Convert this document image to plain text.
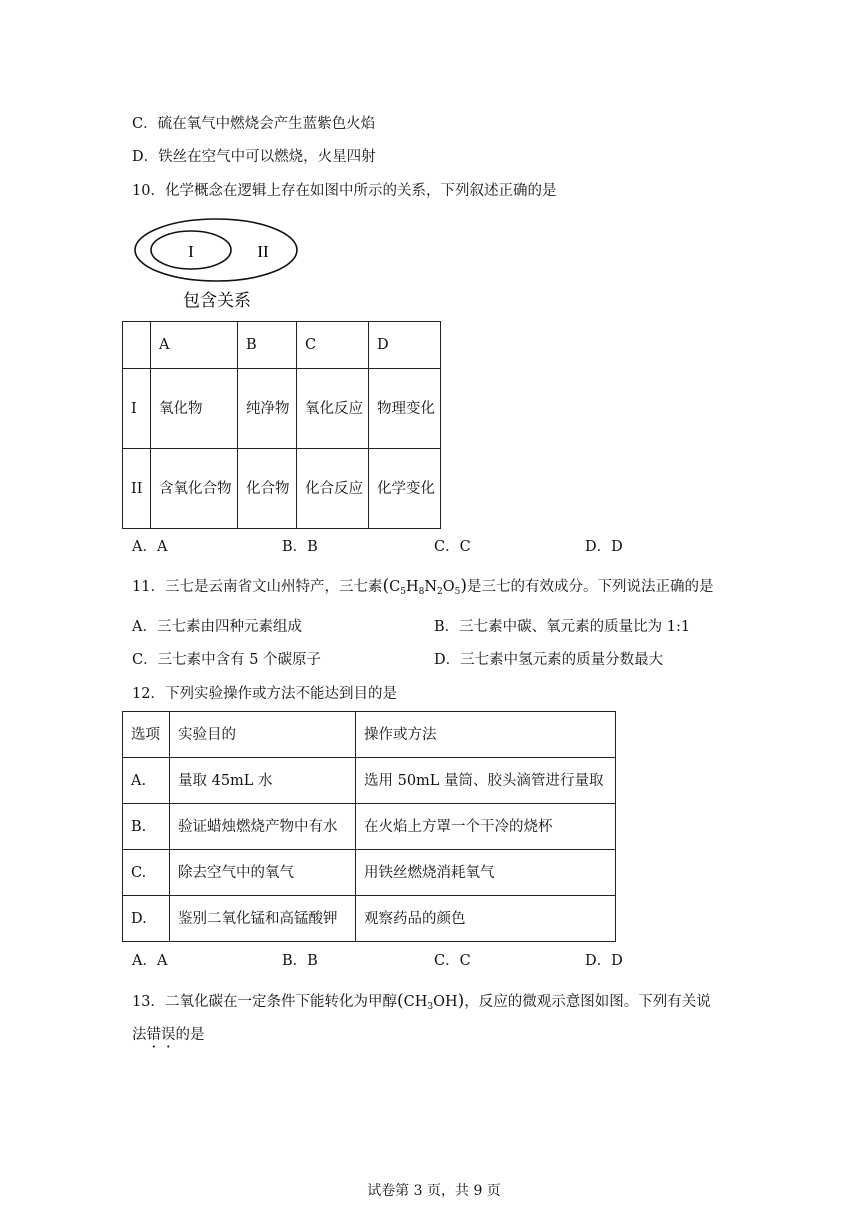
C．硫在氧气中燃烧会产生蓝紫色火焰
D．铁丝在空气中可以燃烧，火星四射
10．化学概念在逻辑上存在如图中所示的关系，下列叙述正确的是
I	II
包含关系
	A	B	C	D
I	氧化物	纯净物	氧化反应	物理变化
II	含氧化合物	化合物	化合反应	化学变化
A．A	B．B	C．C	D．D
11．三七是云南省文山州特产，三七素$(C_5H_8N_2O_5)$是三七的有效成分。下列说法正确的是
A．三七素由四种元素组成	B．三七素中碳、氧元素的质量比为 1:1
C．三七素中含有 5 个碳原子	D．三七素中氢元素的质量分数最大
12．下列实验操作或方法不能达到目的是
选项	实验目的	操作或方法
A.	量取 45mL 水	选用 50mL 量筒、胶头滴管进行量取
B.	验证蜡烛燃烧产物中有水	在火焰上方罩一个干冷的烧杯
C.	除去空气中的氧气	用铁丝燃烧消耗氧气
D.	鉴别二氧化锰和高锰酸钾	观察药品的颜色
A．A	B．B	C．C	D．D
13．二氧化碳在一定条件下能转化为甲醇$(CH_3OH)$，反应的微观示意图如图。下列有关说
法错误的是
试卷第 3 页，共 9 页
